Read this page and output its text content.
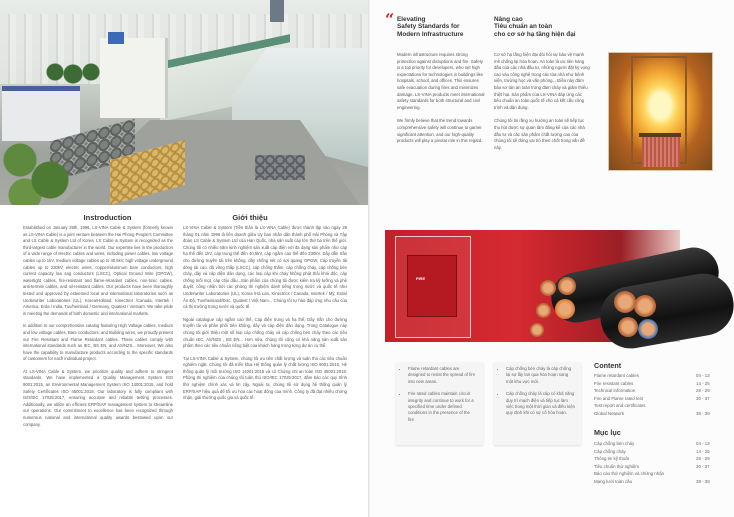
Instroduction

Established on January 29th, 1996, LS-VINA Cable & System (formerly known as LS-VINA Cable) is a joint venture between the Hai Phong People's Committee and LS Cable & System Ltd of Korea. LS Cable & System is recognized as the third-largest cable manufacturer in the world. Our expertise lies in the production of a wide range of electric cables and wires, including power cables, low voltage cables up to 1kV, medium voltage cables up to 40.5kV, high voltage underground cables up to 230kV, electric wires, copper/aluminum bare conductors, high current capacity low sag conductors (LSCC), Optical Ground Wire (OPGW), watertight cables, fire-resistant and flame-retardant cables, non-toxic cables, anti-termite cables, and oil-resistant cables. Our products have been thoroughly tested and approved by esteemed local and international laboratories such as Underwriter Laboratories (UL), Korea/Holland, Kinectrics /Canada, Intertek / America, Erda / India, Tuv/heinland / Germany, Quatest / Vietnam. We take pride in meeting the demands of both domestic and international markets.

In addition to our comprehensive catalog featuring High Voltage cables, medium and low voltage cables, Bare conductors, and Building wires, we proudly present our Fire Resistant and Flame Retardant cables. These cables comply with international standards such as IEC, BS EN, and AS/NZS... Moreover, We also have the capability to manufacture products according to the specific standards of customers for each individual project.

At LS-VINA Cable & System, we prioritize quality and adhere to stringent standards. We have implemented a Quality Management System ISO 9001:2015, an Environmental Management System ISO 14001:2015, and hold Safety Certificates ISO 45001:2018. Our laboratory is fully compliant with ISO/IEC 17025:2017, ensuring accurate and reliable testing processes. Additionally, we utilize an efficient ERP/SAP management system to streamline our operations. Our commitment to excellence has been recognized through numerous national and international quality awards bestowed upon our company.

Giới thiệu

LS-VINA Cable & System (Tiền thân là LS-VINA Cable) được thành lập vào ngày 29 tháng 01 năm 1996 là liên doanh giữa Ủy ban nhân dân thành phố Hải Phòng và Tập đoàn LS Cable & System Ltd của Hàn Quốc, nhà sản xuất cáp lớn thứ ba trên thế giới. Chúng tôi có nhiều năm kinh nghiệm sản xuất cáp điện với đa dạng sản phẩm như cáp hạ thế đến 1kV, cáp trung thế đến 40,5kV, cáp ngầm cao thế đến 230kV. Dây dẫn trần cho đường truyền tải trên không, dây chống sét có sợi quang OPGW, Cáp truyền tải dòng tải cao, độ võng thấp (LSCC), cáp chống thấm, cáp chống cháy, cáp chống bén cháy, dây và cáp điện dân dụng, các loại cáp khi cháy không phát thải khói độc, cáp chống mối mọt, cáp chịu dầu...Sản phẩm của chúng tôi được kiểm tra kỹ lưỡng và phê duyệt, công nhận bởi các phòng thí nghiệm danh tiếng trong nước và quốc tế như Underwriter Laboratories (UL), Korea /Hà Lan, Kinectrics / Canada, Intertek / Mỹ, Erda/Ấn Độ, Tuvrheinland/Đức, Quatest / Việt Nam... Chúng tôi tự hào đáp ứng nhu cầu của cả thị trường trong nước và quốc tế.

Ngoài catalogue cáp ngầm cao thế, Cáp điện trung và hạ thế, Dây trần cho đường truyền tải và phân phối trên không, dây và cáp điện dân dụng. Trong Catalogue này chúng tôi giới thiệu một số loại cáp chống cháy và cáp chống bén cháy theo các tiêu chuẩn IEC, AS/NZS , BS EN... Hơn nữa, chúng tôi cũng có khả năng sản xuất sản phẩm theo các tiêu chuẩn riêng biệt của khách hàng trong từng dự án cụ thể.

Tại LS-VINA Cable & System, chúng tôi ưu tiên chất lượng và tuân thủ các tiêu chuẩn nghiêm ngặt. Chúng tôi đã triển khai Hệ thống quản lý chất lượng ISO 9001:2015, Hệ thống quản lý môi trường ISO 14001:2015 và có Chứng chỉ an toàn ISO 45001:2018. Phòng thí nghiệm của chúng tôi tuân thủ ISO/IEC 17025:2017, đảm bảo các quy trình thử nghiệm chính xác và tin cậy. Ngoài ra, chúng tôi sử dụng hệ thống quản lý ERP/SAP hiệu quả để tối ưu hóa các hoạt động của mình. Công ty đã đạt nhiều chứng nhận, giải thưởng quốc gia và quốc tế.

“ Elevating
Safety Standards for
Modern Infrastructure
Nâng cao
Tiêu chuẩn an toàn
cho cơ sở hạ tầng hiện đại

Modern infrastructure requires strong protection against disruptions and fire. Safety is a top priority for developers, who set high expectations for technologies in buildings like hospitals, school, and offices. This ensures safe evacuation during fires and minimizes damage. LS-VINA products meet international safety standards for both structural and civil engineering.

We firmly believe that the trend towards comprehensive safety will continue to garner significant attention, and our high-quality products will play a pivotal role in this regard.

Cơ sở hạ tầng hiện đại đòi hỏi sự bảo vệ mạnh mẽ chống lại hỏa hoạn. An toàn là ưu tiên hàng đầu của các nhà đầu tư, những người đặt kỳ vọng cao vào công nghệ trong các tòa nhà như bệnh viện, trường học và văn phòng... Điều này đảm bảo sơ tán an toàn trong đám cháy và giảm thiểu thiệt hại. Sản phẩm của LS-VINA đáp ứng các tiêu chuẩn an toàn quốc tế cho cả kết cấu công trình và dân dụng.

Chúng tôi tin rằng xu hướng an toàn sẽ tiếp tục thu hút được sự quan tâm đáng kể của các nhà đầu tư và các sản phẩm chất lượng cao của chúng tôi sẽ đóng vai trò then chốt trong vấn đề này.

FIRE
• Flame retardant cables are designed to resist the spread of fire into new areas.
• Fire rated cables maintain circuit integrity and continue to work for a specified time under defined conditions in the presence of the fire
• Cáp chống bén cháy là cáp chống lại sự lây lan qua hỏa hoạn sang một khu vực mới.
• Cáp chống cháy là cáp có khả năng duy trì mạch điện và tiếp tục làm việc trong một thời gian và điều kiện quy định khi có sự cố hỏa hoạn.
Content
Flame retardant cables	04 - 13
Fire resistant cables	14 - 25
Technical information	26 - 29
Fire and Flame rated test	30 - 37
Test report and certificates
Global Network	38 - 39
Mục lục
Cáp chống bén cháy	04 - 13
Cáp chống cháy	14 - 25
Thông tin kỹ thuật	26 - 29
Tiêu chuẩn thử nghiệm	30 - 37
Báo cáo thử nghiệm và chứng nhận
Mạng lưới toàn cầu	38 - 39
